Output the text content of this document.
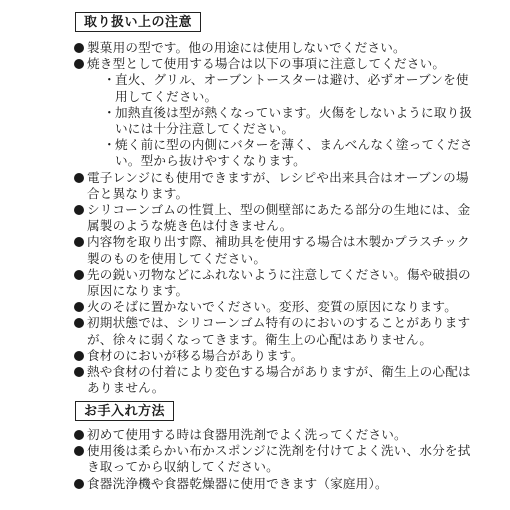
取り扱い上の注意
製菓用の型です。他の用途には使用しないでください。
焼き型として使用する場合は以下の事項に注意してください。
・ 直火、グリル、オーブントースターは避け、必ずオーブンを使用してください。
・ 加熱直後は型が熱くなっています。火傷をしないように取り扱いには十分注意してください。
・ 焼く前に型の内側にバターを薄く、まんべんなく塗ってください。型から抜けやすくなります。
電子レンジにも使用できますが、レシピや出来具合はオーブンの場合と異なります。
シリコーンゴムの性質上、型の側壁部にあたる部分の生地には、金属製のような焼き色は付きません。
内容物を取り出す際、補助具を使用する場合は木製かプラスチック製のものを使用してください。
先の鋭い刃物などにふれないように注意してください。傷や破損の原因になります。
火のそばに置かないでください。変形、変質の原因になります。
初期状態では、シリコーンゴム特有のにおいのすることがありますが、徐々に弱くなってきます。衛生上の心配はありません。
食材のにおいが移る場合があります。
熱や食材の付着により変色する場合がありますが、衛生上の心配はありません。
お手入れ方法
初めて使用する時は食器用洗剤でよく洗ってください。
使用後は柔らかい布かスポンジに洗剤を付けてよく洗い、水分を拭き取ってから収納してください。
食器洗浄機や食器乾燥器に使用できます（家庭用）。
